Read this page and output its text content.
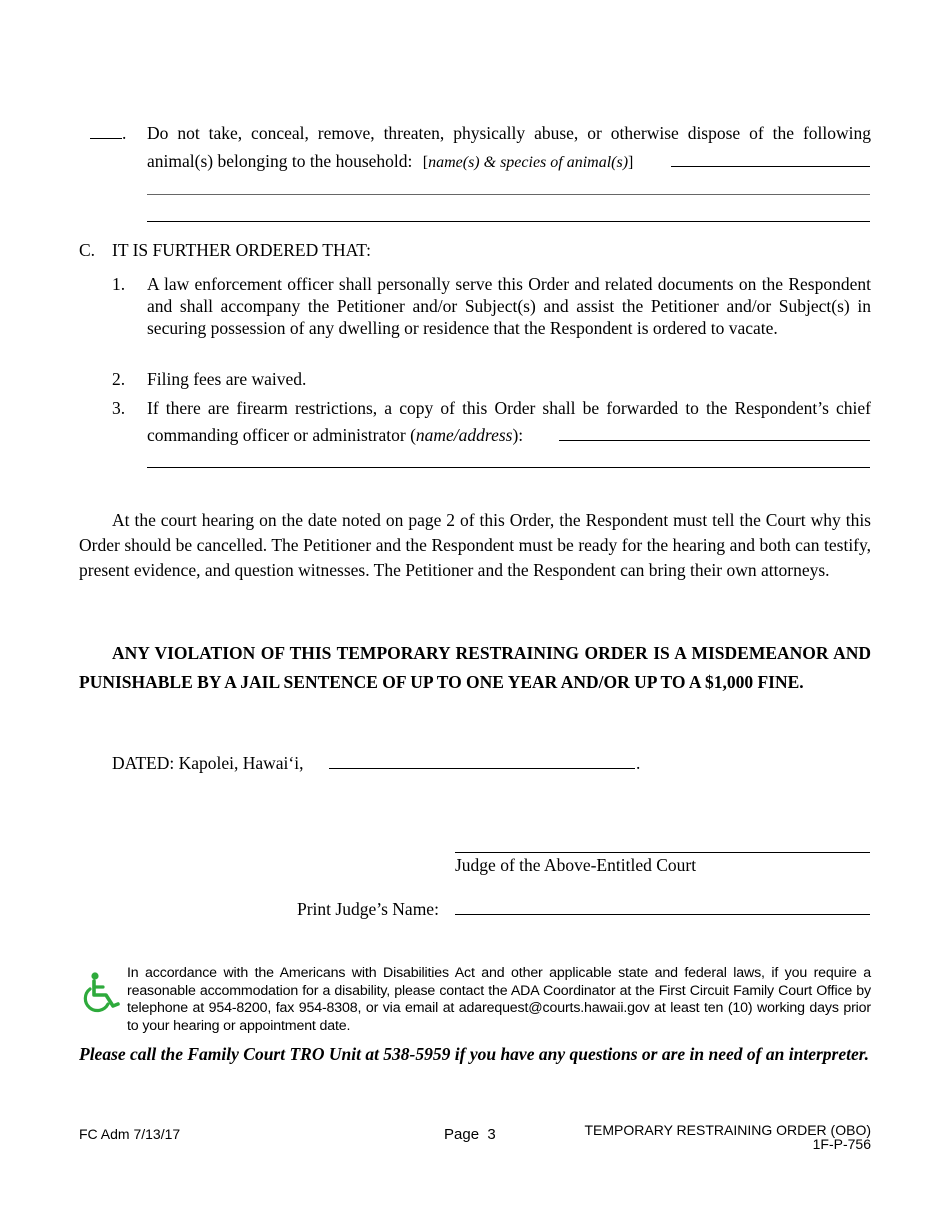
. Do not take, conceal, remove, threaten, physically abuse, or otherwise dispose of the following
animal(s) belonging to the household: [name(s) & species of animal(s)]
C. IT IS FURTHER ORDERED THAT:
1. A law enforcement officer shall personally serve this Order and related documents on the Respondent and shall accompany the Petitioner and/or Subject(s) and assist the Petitioner and/or Subject(s) in securing possession of any dwelling or residence that the Respondent is ordered to vacate.
2. Filing fees are waived.
3. If there are firearm restrictions, a copy of this Order shall be forwarded to the Respondent’s chief
commanding officer or administrator (name/address):
At the court hearing on the date noted on page 2 of this Order, the Respondent must tell the Court why this Order should be cancelled. The Petitioner and the Respondent must be ready for the hearing and both can testify, present evidence, and question witnesses. The Petitioner and the Respondent can bring their own attorneys.
ANY VIOLATION OF THIS TEMPORARY RESTRAINING ORDER IS A MISDEMEANOR AND PUNISHABLE BY A JAIL SENTENCE OF UP TO ONE YEAR AND/OR UP TO A $1,000 FINE.
DATED: Kapolei, Hawai‘i,	.
Judge of the Above-Entitled Court
Print Judge’s Name:
In accordance with the Americans with Disabilities Act and other applicable state and federal laws, if you require a reasonable accommodation for a disability, please contact the ADA Coordinator at the First Circuit Family Court Office by telephone at 954-8200, fax 954-8308, or via email at adarequest@courts.hawaii.gov at least ten (10) working days prior to your hearing or appointment date.
Please call the Family Court TRO Unit at 538-5959 if you have any questions or are in need of an interpreter.
FC Adm 7/13/17	Page  3	TEMPORARY RESTRAINING ORDER (OBO)
1F-P-756
